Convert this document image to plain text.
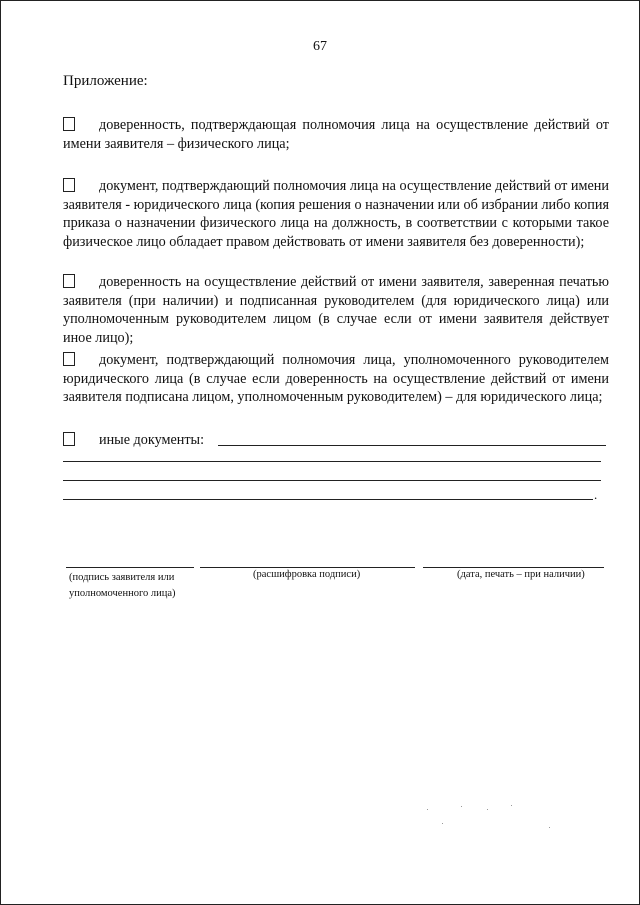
67
Приложение:
доверенность, подтверждающая полномочия лица на осуществление действий от имени заявителя – физического лица;
документ, подтверждающий полномочия лица на осуществление действий от имени заявителя - юридического лица (копия решения о назначении или об избрании либо копия приказа о назначении физического лица на должность, в соответствии с которыми такое физическое лицо обладает правом действовать от имени заявителя без доверенности);
доверенность на осуществление действий от имени заявителя, заверенная печатью заявителя (при наличии) и подписанная руководителем (для юридического лица) или уполномоченным руководителем лицом (в случае если от имени заявителя действует иное лицо);
документ, подтверждающий полномочия лица, уполномоченного руководителем юридического лица (в случае если доверенность на осуществление действий от имени заявителя подписана лицом, уполномоченным руководителем) – для юридического лица;
иные документы:
.
(подпись заявителя или уполномоченного лица)
(расшифровка подписи)	(дата, печать – при наличии)
